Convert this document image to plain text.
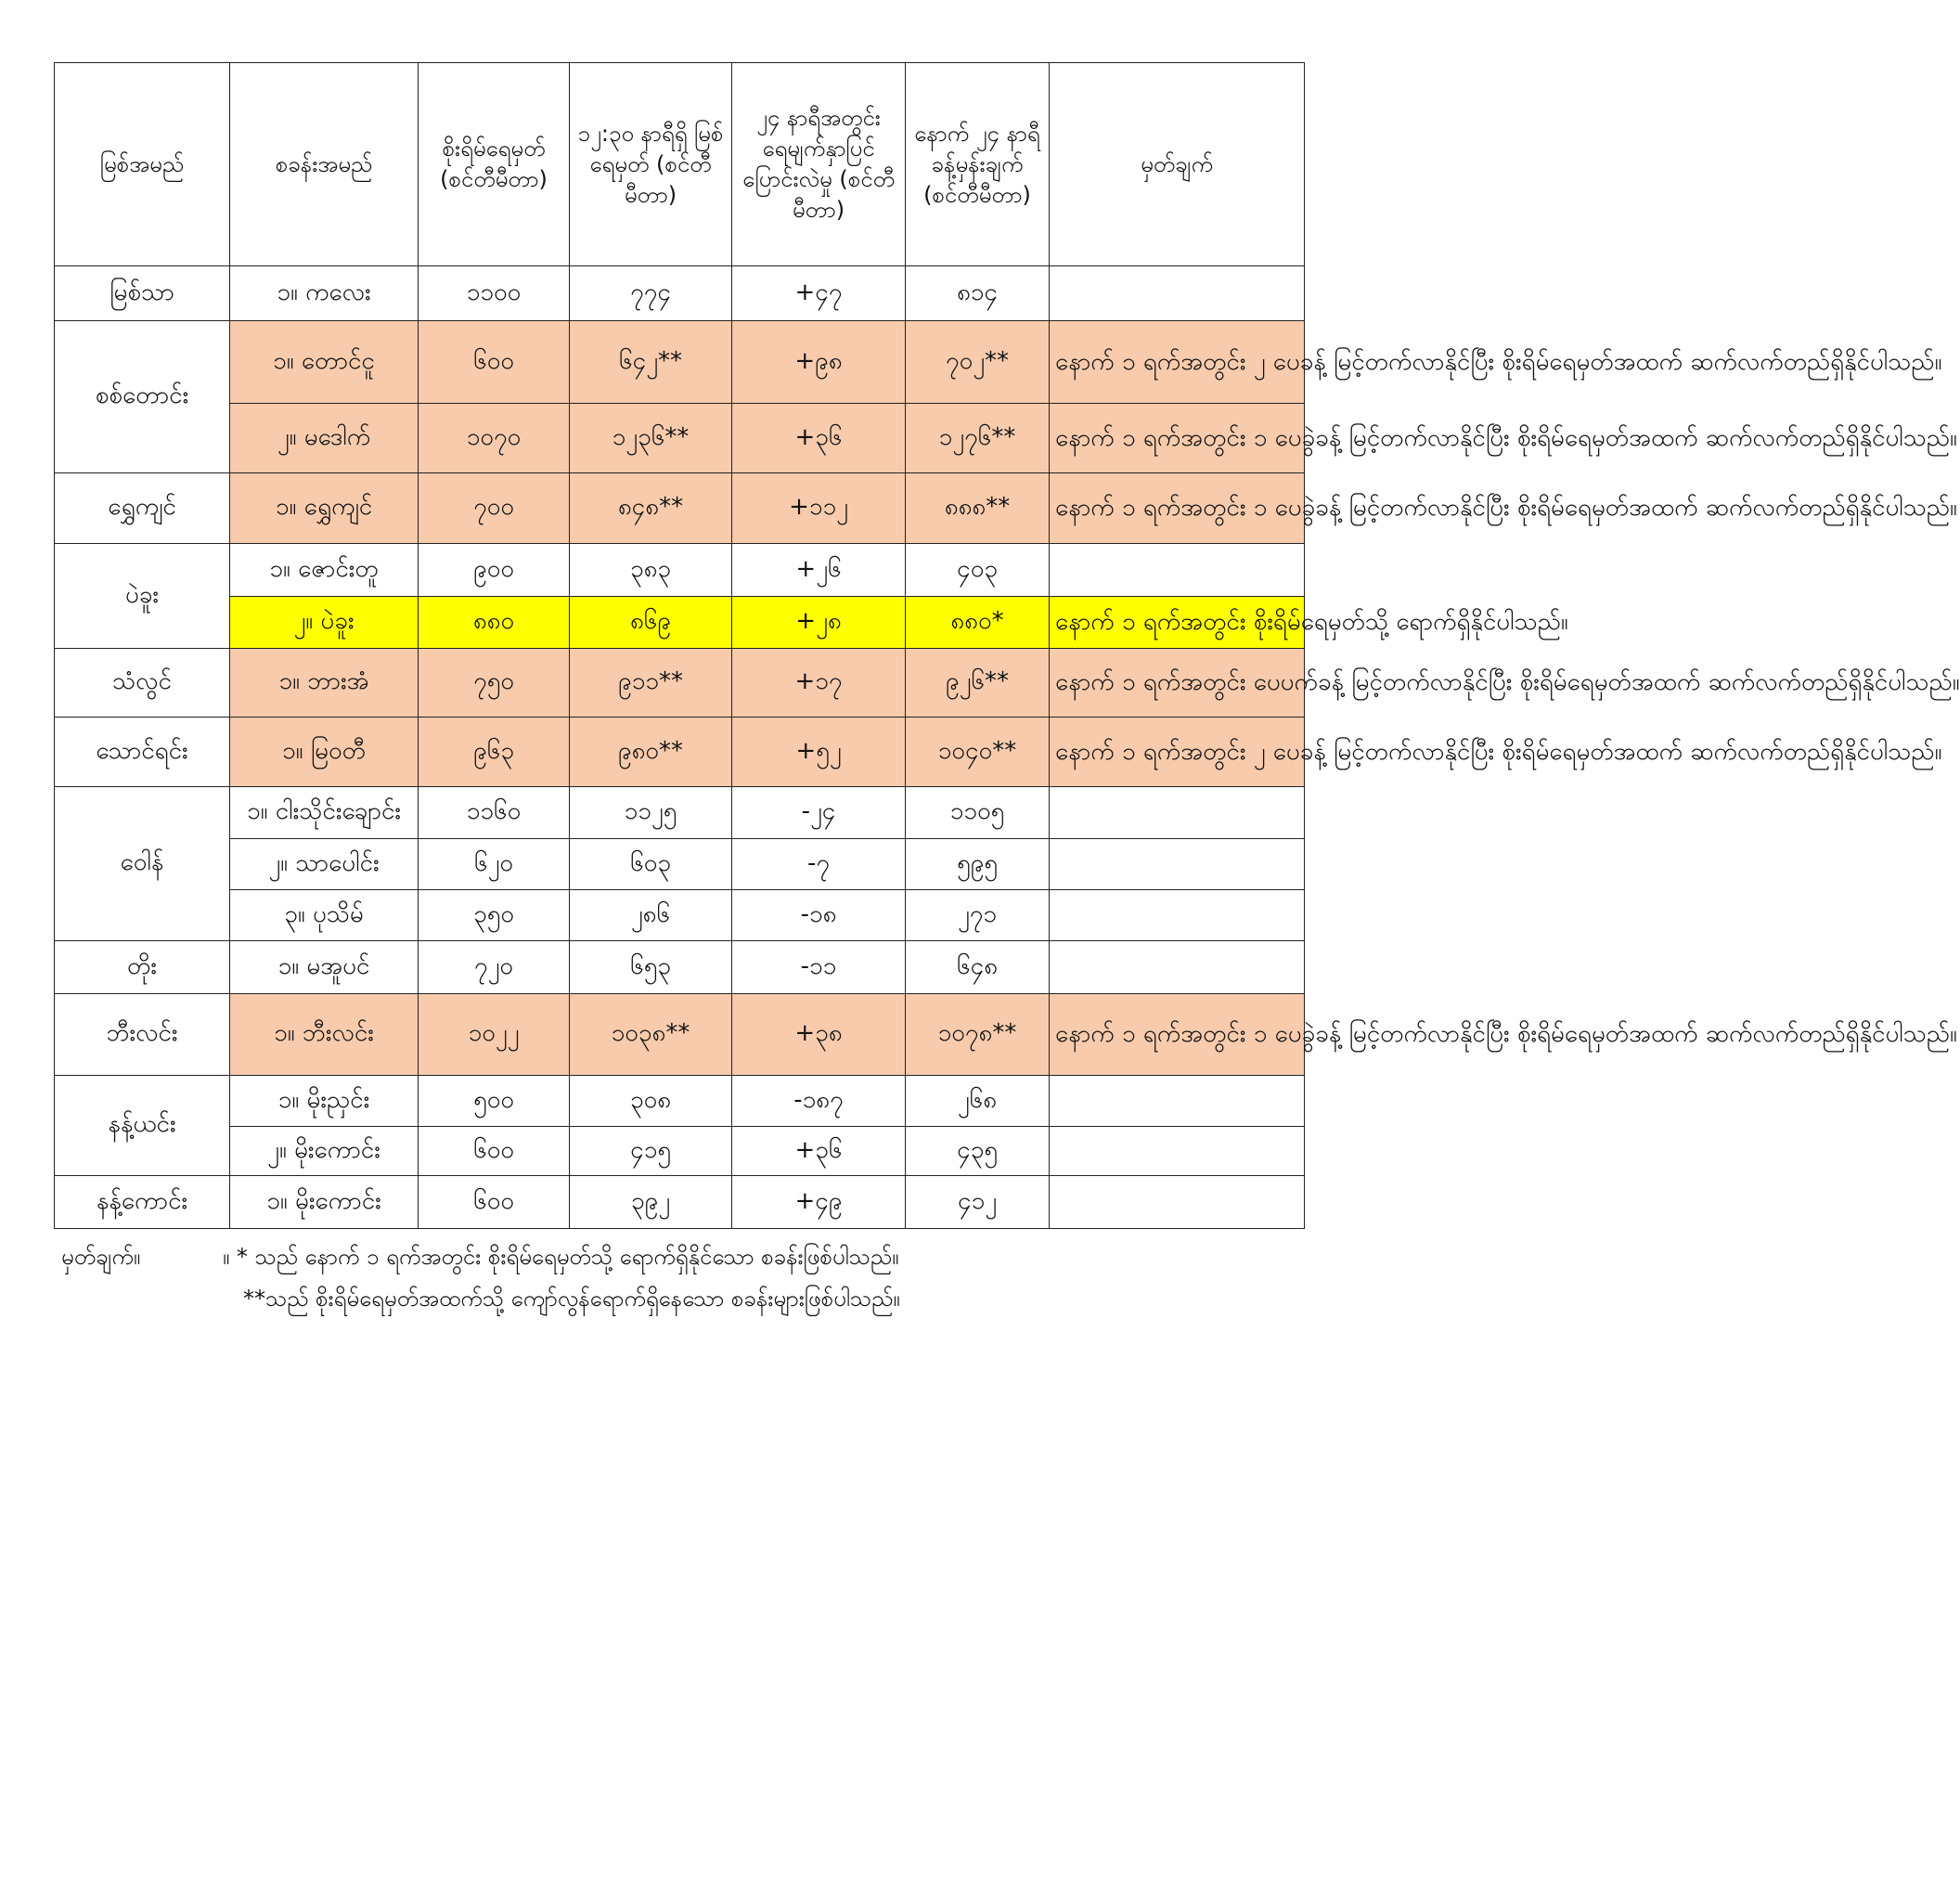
မြစ်အမည်	စခန်းအမည်	စိုးရိမ်ရေမှတ် (စင်တီမီတာ)	၁၂:၃၀ နာရီရှိ မြစ်ရေမှတ် (စင်တီမီတာ)	၂၄ နာရီအတွင်း ရေမျက်နှာပြင် ပြောင်းလဲမှု (စင်တီမီတာ)	နောက် ၂၄ နာရီ ခန့်မှန်းချက် (စင်တီမီတာ)	မှတ်ချက်
မြစ်သာ	၁။ ကလေး	၁၁၀၀	၇၇၄	+၄၇	၈၁၄	
စစ်တောင်း	၁။ တောင်ငူ	၆၀၀	၆၄၂**	+၉၈	၇၀၂**	နောက် ၁ ရက်အတွင်း ၂ ပေခန့် မြင့်တက်လာနိုင်ပြီး စိုးရိမ်ရေမှတ်အထက် ဆက်လက်တည်ရှိနိုင်ပါသည်။
	၂။ မဒေါက်	၁၀၇၀	၁၂၃၆**	+၃၆	၁၂၇၆**	နောက် ၁ ရက်အတွင်း ၁ ပေခွဲခန့် မြင့်တက်လာနိုင်ပြီး စိုးရိမ်ရေမှတ်အထက် ဆက်လက်တည်ရှိနိုင်ပါသည်။
ရွှေကျင်	၁။ ရွှေကျင်	၇၀၀	၈၄၈**	+၁၁၂	၈၈၈**	နောက် ၁ ရက်အတွင်း ၁ ပေခွဲခန့် မြင့်တက်လာနိုင်ပြီး စိုးရိမ်ရေမှတ်အထက် ဆက်လက်တည်ရှိနိုင်ပါသည်။
ပဲခူး	၁။ ဇောင်းတူ	၉၀၀	၃၈၃	+၂၆	၄၀၃	
	၂။ ပဲခူး	၈၈၀	၈၆၉	+၂၈	၈၈၀*	နောက် ၁ ရက်အတွင်း စိုးရိမ်ရေမှတ်သို့ ရောက်ရှိနိုင်ပါသည်။
သံလွင်	၁။ ဘားအံ	၇၅၀	၉၁၁**	+၁၇	၉၂၆**	နောက် ၁ ရက်အတွင်း ပေပက်ခန့် မြင့်တက်လာနိုင်ပြီး စိုးရိမ်ရေမှတ်အထက် ဆက်လက်တည်ရှိနိုင်ပါသည်။
သောင်ရင်း	၁။ မြဝတီ	၉၆၃	၉၈၀**	+၅၂	၁၀၄၀**	နောက် ၁ ရက်အတွင်း ၂ ပေခန့် မြင့်တက်လာနိုင်ပြီး စိုးရိမ်ရေမှတ်အထက် ဆက်လက်တည်ရှိနိုင်ပါသည်။
ဝေါန်	၁။ ငါးသိုင်းချောင်း	၁၁၆၀	၁၁၂၅	-၂၄	၁၁၀၅	
	၂။ သာပေါင်း	၆၂၀	၆၀၃	-၇	၅၉၅	
	၃။ ပုသိမ်	၃၅၀	၂၈၆	-၁၈	၂၇၁	
တိုး	၁။ မအူပင်	၇၂၀	၆၅၃	-၁၁	၆၄၈	
ဘီးလင်း	၁။ ဘီးလင်း	၁၀၂၂	၁၀၃၈**	+၃၈	၁၀၇၈**	နောက် ၁ ရက်အတွင်း ၁ ပေခွဲခန့် မြင့်တက်လာနိုင်ပြီး စိုးရိမ်ရေမှတ်အထက် ဆက်လက်တည်ရှိနိုင်ပါသည်။
နန့်ယင်း	၁။ မိုးညှင်း	၅၀၀	၃၀၈	-၁၈၇	၂၆၈	
	၂။ မိုးကောင်း	၆၀၀	၄၁၅	+၃၆	၄၃၅	
နန့်ကောင်း	၁။ မိုးကောင်း	၆၀၀	၃၉၂	+၄၉	၄၁၂	
မှတ်ချက်။	။ * သည် နောက် ၁ ရက်အတွင်း စိုးရိမ်ရေမှတ်သို့ ရောက်ရှိနိုင်သော စခန်းဖြစ်ပါသည်။
**သည် စိုးရိမ်ရေမှတ်အထက်သို့ ကျော်လွန်ရောက်ရှိနေသော စခန်းများဖြစ်ပါသည်။
